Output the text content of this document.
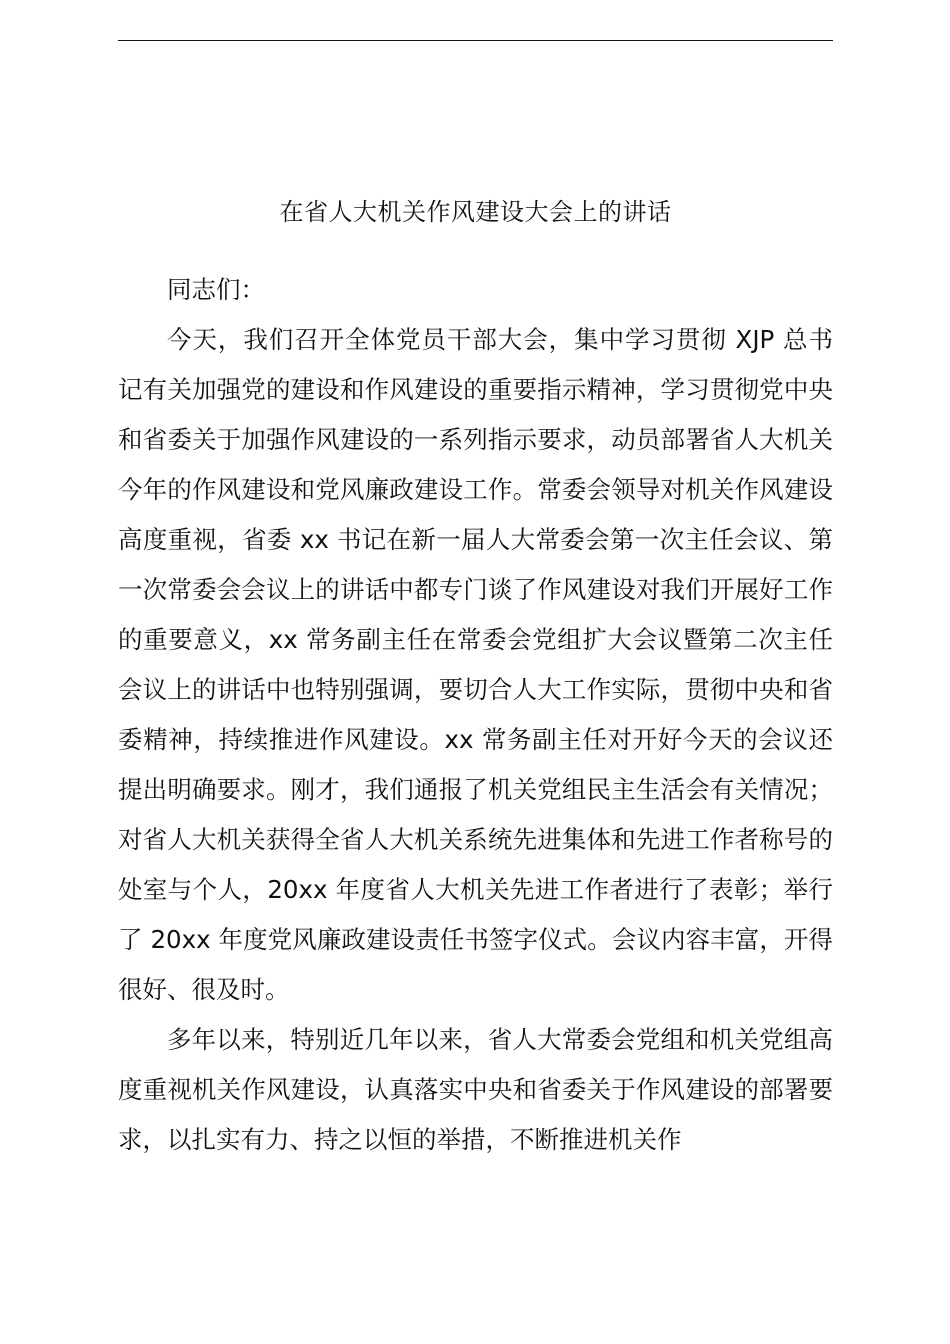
在省人大机关作风建设大会上的讲话

同志们：

今天，我们召开全体党员干部大会，集中学习贯彻 XJP 总书记有关加强党的建设和作风建设的重要指示精神，学习贯彻党中央和省委关于加强作风建设的一系列指示要求，动员部署省人大机关今年的作风建设和党风廉政建设工作。常委会领导对机关作风建设高度重视，省委 xx 书记在新一届人大常委会第一次主任会议、第一次常委会会议上的讲话中都专门谈了作风建设对我们开展好工作的重要意义，xx 常务副主任在常委会党组扩大会议暨第二次主任会议上的讲话中也特别强调，要切合人大工作实际，贯彻中央和省委精神，持续推进作风建设。xx 常务副主任对开好今天的会议还提出明确要求。刚才，我们通报了机关党组民主生活会有关情况；对省人大机关获得全省人大机关系统先进集体和先进工作者称号的处室与个人，20xx 年度省人大机关先进工作者进行了表彰；举行了 20xx 年度党风廉政建设责任书签字仪式。会议内容丰富，开得很好、很及时。

多年以来，特别近几年以来，省人大常委会党组和机关党组高度重视机关作风建设，认真落实中央和省委关于作风建设的部署要求，以扎实有力、持之以恒的举措，不断推进机关作
